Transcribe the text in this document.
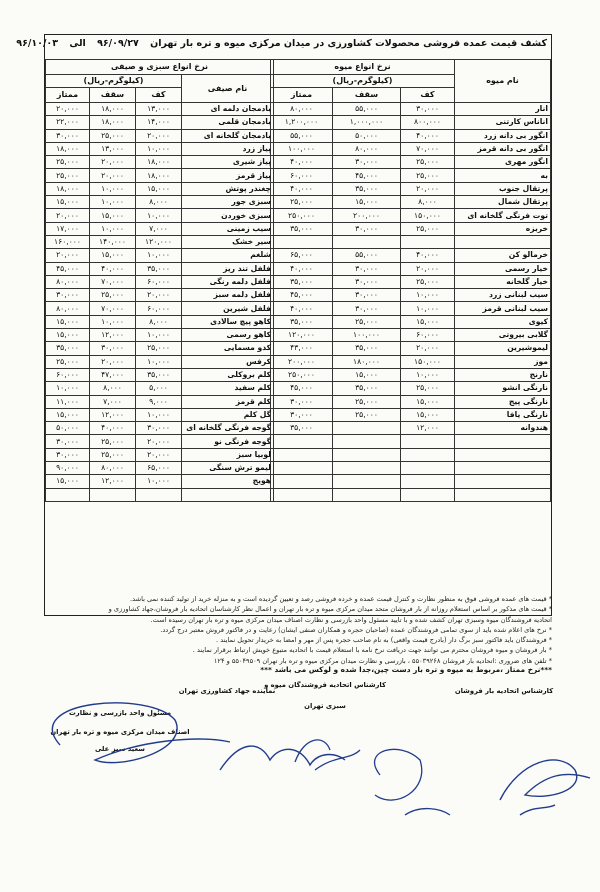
کشف قیمت عمده فروشی محصولات کشاورزی در میدان مرکزی میوه و تره بار تهران ۹۶/۰۹/۲۷ الی ۹۶/۱۰/۰۳
نام میوه	نرخ انواع میوه		
	(کیلوگرم-ریال)		
	کف	سقف	ممتاز
انار	۳۰,۰۰۰	۵۵,۰۰۰	۸۰,۰۰۰
اناناس کارتنی	۸۰۰,۰۰۰	۱,۰۰۰,۰۰۰	۱,۲۰۰,۰۰۰
انگور بی دانه زرد	۴۰,۰۰۰	۵۰,۰۰۰	۵۵,۰۰۰
انگور بی دانه قرمز	۷۰,۰۰۰	۸۰,۰۰۰	۱۰۰,۰۰۰
انگور مهری	۲۵,۰۰۰	۳۰,۰۰۰	۴۰,۰۰۰
به	۲۵,۰۰۰	۴۵,۰۰۰	۶۰,۰۰۰
پرتقال جنوب	۲۰,۰۰۰	۳۵,۰۰۰	۴۰,۰۰۰
پرتقال شمال	۸,۰۰۰	۱۵,۰۰۰	۲۵,۰۰۰
توت فرنگی گلخانه ای	۱۵۰,۰۰۰	۲۰۰,۰۰۰	۲۵۰,۰۰۰
خربزه	۲۵,۰۰۰	۳۰,۰۰۰	۳۵,۰۰۰

خرمالو کن	۴۰,۰۰۰	۵۵,۰۰۰	۶۵,۰۰۰
خیار رسمی	۲۰,۰۰۰	۳۰,۰۰۰	۴۰,۰۰۰
خیار گلخانه	۲۵,۰۰۰	۳۰,۰۰۰	۳۵,۰۰۰
سیب لبنانی زرد	۱۰,۰۰۰	۳۰,۰۰۰	۴۵,۰۰۰
سیب لبنانی قرمز	۱۰,۰۰۰	۳۰,۰۰۰	۴۰,۰۰۰
کیوی	۱۵,۰۰۰	۲۵,۰۰۰	۳۵,۰۰۰
گلابی بیروتی	۶۰,۰۰۰	۱۰۰,۰۰۰	۱۲۰,۰۰۰
لیموشیرین	۲۰,۰۰۰	۳۵,۰۰۰	۴۳,۰۰۰
موز	۱۵۰,۰۰۰	۱۸۰,۰۰۰	۲۰۰,۰۰۰
نارنج	۱۰,۰۰۰	۱۵,۰۰۰	۲۵۰,۰۰۰
نارنگی انشو	۲۵,۰۰۰	۳۵,۰۰۰	۴۵,۰۰۰
نارنگی پیج	۱۵,۰۰۰	۲۵,۰۰۰	۳۰,۰۰۰
نارنگی یافا	۱۵,۰۰۰	۲۵,۰۰۰	۳۰,۰۰۰
هندوانه	۱۲,۰۰۰		۳۵,۰۰۰

نرخ انواع سبزی و صیفی			
نام صیفی	(کیلوگرم-ریال)		
	کف	سقف	ممتاز
بادمجان دلمه ای	۱۳,۰۰۰	۱۸,۰۰۰	۲۰,۰۰۰
بادمجان قلمی	۱۴,۰۰۰	۱۸,۰۰۰	۲۲,۰۰۰
بادمجان گلخانه ای	۲۰,۰۰۰	۲۵,۰۰۰	۳۰,۰۰۰
پیاز زرد	۱۰,۰۰۰	۱۳,۰۰۰	۱۸,۰۰۰
پیاز شیری	۱۸,۰۰۰	۲۰,۰۰۰	۲۵,۰۰۰
پیاز قرمز	۱۸,۰۰۰	۲۰,۰۰۰	۲۵,۰۰۰
چغندر پوتش	۱۵,۰۰۰	۱۰,۰۰۰	۱۸,۰۰۰
سبزی جور	۸,۰۰۰	۱۰,۰۰۰	۱۵,۰۰۰
سبزی خوردن	۱۰,۰۰۰	۱۵,۰۰۰	۲۰,۰۰۰
سیب زمینی	۷,۰۰۰	۱۰,۰۰۰	۱۷,۰۰۰
سیر خشک	۱۲۰,۰۰۰	۱۴۰,۰۰۰	۱۶۰,۰۰۰
شلغم	۱۰,۰۰۰	۱۵,۰۰۰	۲۰,۰۰۰
فلفل تند ریز	۳۵,۰۰۰	۴۰,۰۰۰	۴۵,۰۰۰
فلفل دلمه رنگی	۶۰,۰۰۰	۷۰,۰۰۰	۸۰,۰۰۰
فلفل دلمه سبز	۲۰,۰۰۰	۲۵,۰۰۰	۳۰,۰۰۰
فلفل شیرین	۶۰,۰۰۰	۷۰,۰۰۰	۸۰,۰۰۰
کاهو پیچ سالادی	۸,۰۰۰	۱۰,۰۰۰	۱۵,۰۰۰
کاهو رسمی	۱۰,۰۰۰	۱۲,۰۰۰	۱۵,۰۰۰
کدو مسمایی	۲۵,۰۰۰	۳۰,۰۰۰	۳۵,۰۰۰
کرفس	۱۰,۰۰۰	۲۰,۰۰۰	۲۵,۰۰۰
کلم بروکلی	۳۵,۰۰۰	۴۷,۰۰۰	۶۰,۰۰۰
کلم سفید	۵,۰۰۰	۸,۰۰۰	۱۰,۰۰۰
کلم قرمز	۹,۰۰۰	۷,۰۰۰	۱۱,۰۰۰
گل کلم	۱۰,۰۰۰	۱۲,۰۰۰	۱۵,۰۰۰
گوجه فرنگی گلخانه ای	۳۰,۰۰۰	۴۰,۰۰۰	۵۰,۰۰۰
گوجه فرنگی نو	۲۰,۰۰۰	۲۵,۰۰۰	۳۰,۰۰۰
لوبیا سبز	۲۰,۰۰۰	۲۵,۰۰۰	۳۰,۰۰۰
لیمو ترش سنگی	۶۵,۰۰۰	۸۰,۰۰۰	۹۰,۰۰۰
هویج	۱۰,۰۰۰	۱۲,۰۰۰	۱۵,۰۰۰

* قیمت های عمده فروشی فوق به منظور نظارت و کنترل قیمت عمده و خرده فروشی رصد و تعیین گردیده است و به منزله خرید از تولید کننده نمی باشد.
* قیمت های مذکور بر اساس استعلام روزانه از بار فروشان متحد میدان مرکزی میوه و تره بار تهران و اعمال نظر کارشناسان اتحادیه بار فروشان،جهاد کشاورزی و
اتحادیه فروشندگان میوه وسبزی تهران کشف شده و با تایید مسئول واحد بازرسی و نظارت اصناف میدان مرکزی میوه و تره بار تهران رسیده است.
* نرخ های اعلام شده باید از سوی تمامی فروشندگان عمده (صاحبان حجره و همکاران صنفی ایشان) رعایت و در فاکتور فروش معتبر درج گردد.
* فروشندگان باید فاکتور سبز برگ دار (بادرج قیمت واقعی) به نام صاحب حجره پس از مهر و امضا به خریدار تحویل نمایند .
* بار فروشان و میوه فروشان محترم می توانند جهت دریافت نرخ نامه با استعلام قیمت با اتحادیه متبوع خویش ارتباط برقرار نمایند .
* تلفن های ضروری :اتحادیه بار فروشان ۵۵۰۳۹۲۶۸ ، بازرسی و نظارت میدان مرکزی میوه و تره بار تهران ۵۵۰۴۹۵۰۹ و ۱۲۴
***نرخ ممتاز ،مربوط به میوه و تره بار دست چین،جدا شده و لوکس می باشد ***
کارشناس اتحادیه بار فروشان
کارشناس اتحادیه فروشندگان میوه و
سبزی تهران
نماینده جهاد کشاورزی تهران
مسئول واحد بازرسی و نظارت
اصناف میدان مرکزی میوه و تره بار تهران
سعید سبز علی
